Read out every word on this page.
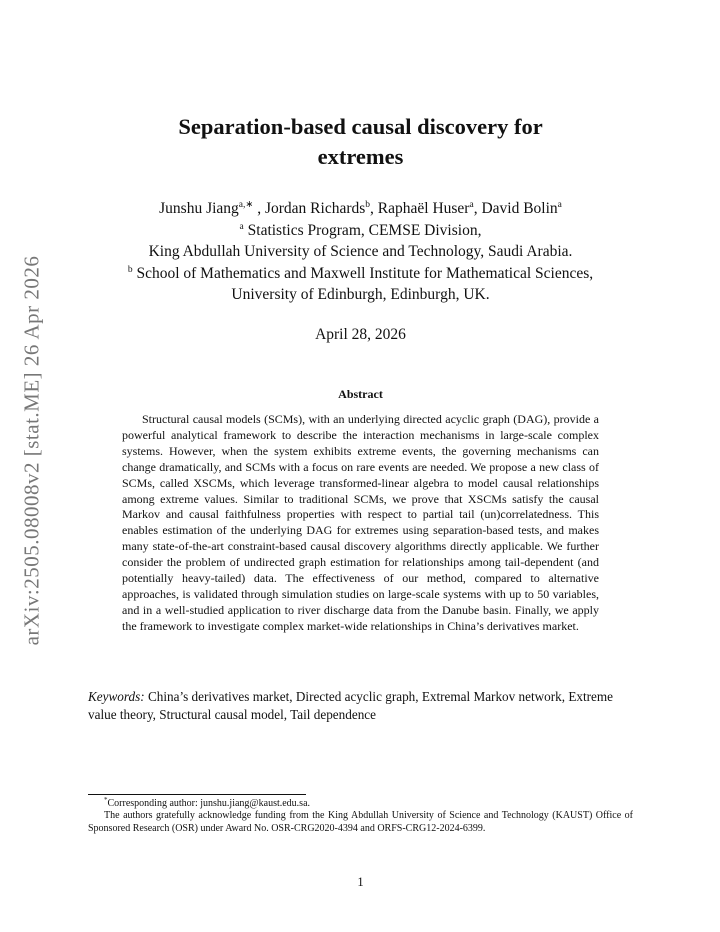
arXiv:2505.08008v2 [stat.ME] 26 Apr 2026
Separation-based causal discovery for
extremes
Junshu Jiang$^{a,∗}$ , Jordan Richards$^b$, Raphaël Huser$^a$, David Bolin$^a$
$^a$ Statistics Program, CEMSE Division,
King Abdullah University of Science and Technology, Saudi Arabia.
$^b$ School of Mathematics and Maxwell Institute for Mathematical Sciences,
University of Edinburgh, Edinburgh, UK.
April 28, 2026
Abstract

Structural causal models (SCMs), with an underlying directed acyclic graph (DAG), provide a powerful analytical framework to describe the interaction mechanisms in large-scale complex systems. However, when the system exhibits extreme events, the governing mechanisms can change dramatically, and SCMs with a focus on rare events are needed. We propose a new class of SCMs, called XSCMs, which leverage transformed-linear algebra to model causal relationships among extreme values. Similar to traditional SCMs, we prove that XSCMs satisfy the causal Markov and causal faithfulness properties with respect to partial tail (un)correlatedness. This enables estimation of the underlying DAG for extremes using separation-based tests, and makes many state-of-the-art constraint-based causal discovery algorithms directly applicable. We further consider the problem of undirected graph estimation for relationships among tail-dependent (and potentially heavy-tailed) data. The effectiveness of our method, compared to alternative approaches, is validated through simulation studies on large-scale systems with up to 50 variables, and in a well-studied application to river discharge data from the Danube basin. Finally, we apply the framework to investigate complex market-wide relationships in China’s derivatives market.

Keywords: China’s derivatives market, Directed acyclic graph, Extremal Markov network, Extreme value theory, Structural causal model, Tail dependence

*Corresponding author: junshu.jiang@kaust.edu.sa.

The authors gratefully acknowledge funding from the King Abdullah University of Science and Technology (KAUST) Office of Sponsored Research (OSR) under Award No. OSR-CRG2020-4394 and ORFS-CRG12-2024-6399.

1
